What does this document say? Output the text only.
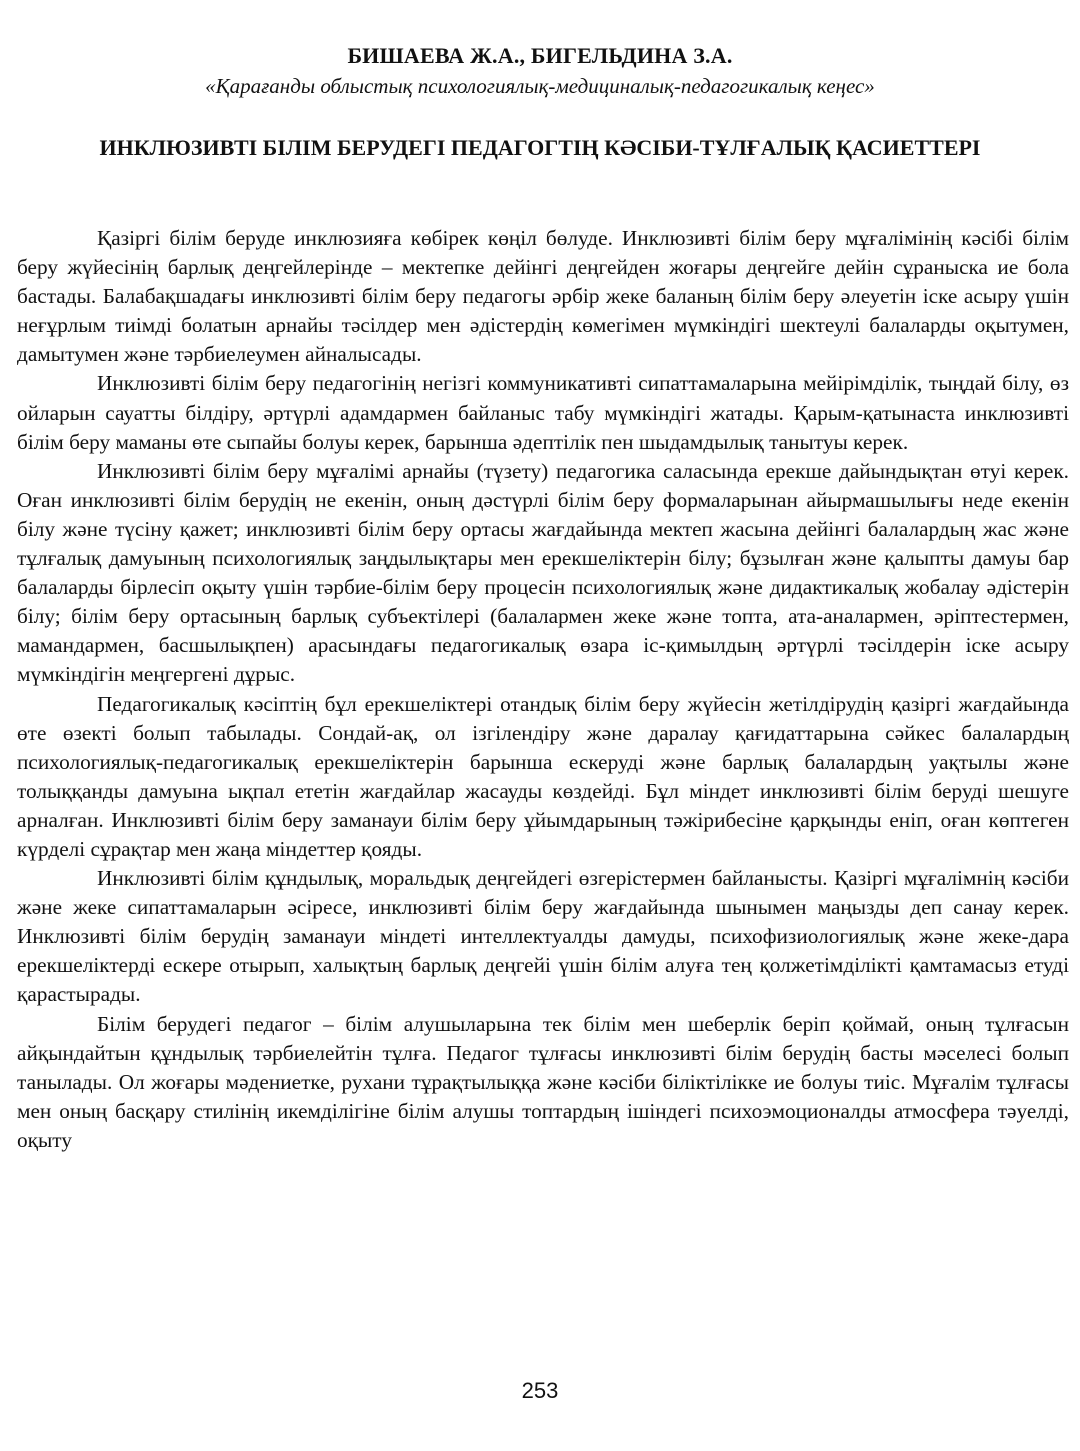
БИШАЕВА Ж.А., БИГЕЛЬДИНА З.А.
«Қарағанды облыстық психологиялық-медициналық-педагогикалық кеңес»
ИНКЛЮЗИВТІ БІЛІМ БЕРУДЕГІ ПЕДАГОГТІҢ КӘСІБИ-ТҰЛҒАЛЫҚ ҚАСИЕТТЕРІ

Қазіргі білім беруде инклюзияға көбірек көңіл бөлуде. Инклюзивті білім беру мұғалімінің кәсібі білім беру жүйесінің барлық деңгейлерінде – мектепке дейінгі деңгейден жоғары деңгейге дейін сұраныска ие бола бастады. Балабақшадағы инклюзивті білім беру педагогы әрбір жеке баланың білім беру әлеуетін іске асыру үшін неғұрлым тиімді болатын арнайы тәсілдер мен әдістердің көмегімен мүмкіндігі шектеулі балаларды оқытумен, дамытумен және тәрбиелеумен айналысады.

Инклюзивті білім беру педагогінің негізгі коммуникативті сипаттамаларына мейірімділік, тыңдай білу, өз ойларын сауатты білдіру, әртүрлі адамдармен байланыс табу мүмкіндігі жатады. Қарым-қатынаста инклюзивті білім беру маманы өте сыпайы болуы керек, барынша әдептілік пен шыдамдылық танытуы керек.

Инклюзивті білім беру мұғалімі арнайы (түзету) педагогика саласында ерекше дайындықтан өтуі керек. Оған инклюзивті білім берудің не екенін, оның дәстүрлі білім беру формаларынан айырмашылығы неде екенін білу және түсіну қажет; инклюзивті білім беру ортасы жағдайында мектеп жасына дейінгі балалардың жас және тұлғалық дамуының психологиялық заңдылықтары мен ерекшеліктерін білу; бұзылған және қалыпты дамуы бар балаларды бірлесіп оқыту үшін тәрбие-білім беру процесін психологиялық және дидактикалық жобалау әдістерін білу; білім беру ортасының барлық субъектілері (балалармен жеке және топта, ата-аналармен, әріптестермен, мамандармен, басшылықпен) арасындағы педагогикалық өзара іс-қимылдың әртүрлі тәсілдерін іске асыру мүмкіндігін меңгергені дұрыс.

Педагогикалық кәсіптің бұл ерекшеліктері отандық білім беру жүйесін жетілдірудің қазіргі жағдайында өте өзекті болып табылады. Сондай-ақ, ол ізгілендіру және даралау қағидаттарына сәйкес балалардың психологиялық-педагогикалық ерекшеліктерін барынша ескеруді және барлық балалардың уақтылы және толыққанды дамуына ықпал ететін жағдайлар жасауды көздейді. Бұл міндет инклюзивті білім беруді шешуге арналған. Инклюзивті білім беру заманауи білім беру ұйымдарының тәжірибесіне қарқынды еніп, оған көптеген күрделі сұрақтар мен жаңа міндеттер қояды.

Инклюзивті білім құндылық, моральдық деңгейдегі өзгерістермен байланысты. Қазіргі мұғалімнің кәсіби және жеке сипаттамаларын әсіресе, инклюзивті білім беру жағдайында шынымен маңызды деп санау керек. Инклюзивті білім берудің заманауи міндеті интеллектуалды дамуды, психофизиологиялық және жеке-дара ерекшеліктерді ескере отырып, халықтың барлық деңгейі үшін білім алуға тең қолжетімділікті қамтамасыз етуді қарастырады.

Білім берудегі педагог – білім алушыларына тек білім мен шеберлік беріп қоймай, оның тұлғасын айқындайтын құндылық тәрбиелейтін тұлға. Педагог тұлғасы инклюзивті білім берудің басты мәселесі болып танылады. Ол жоғары мәдениетке, рухани тұрақтылыққа және кәсіби біліктілікке ие болуы тиіс. Мұғалім тұлғасы мен оның басқару стилінің икемділігіне білім алушы топтардың ішіндегі психоэмоционалды атмосфера тәуелді, оқыту

253
